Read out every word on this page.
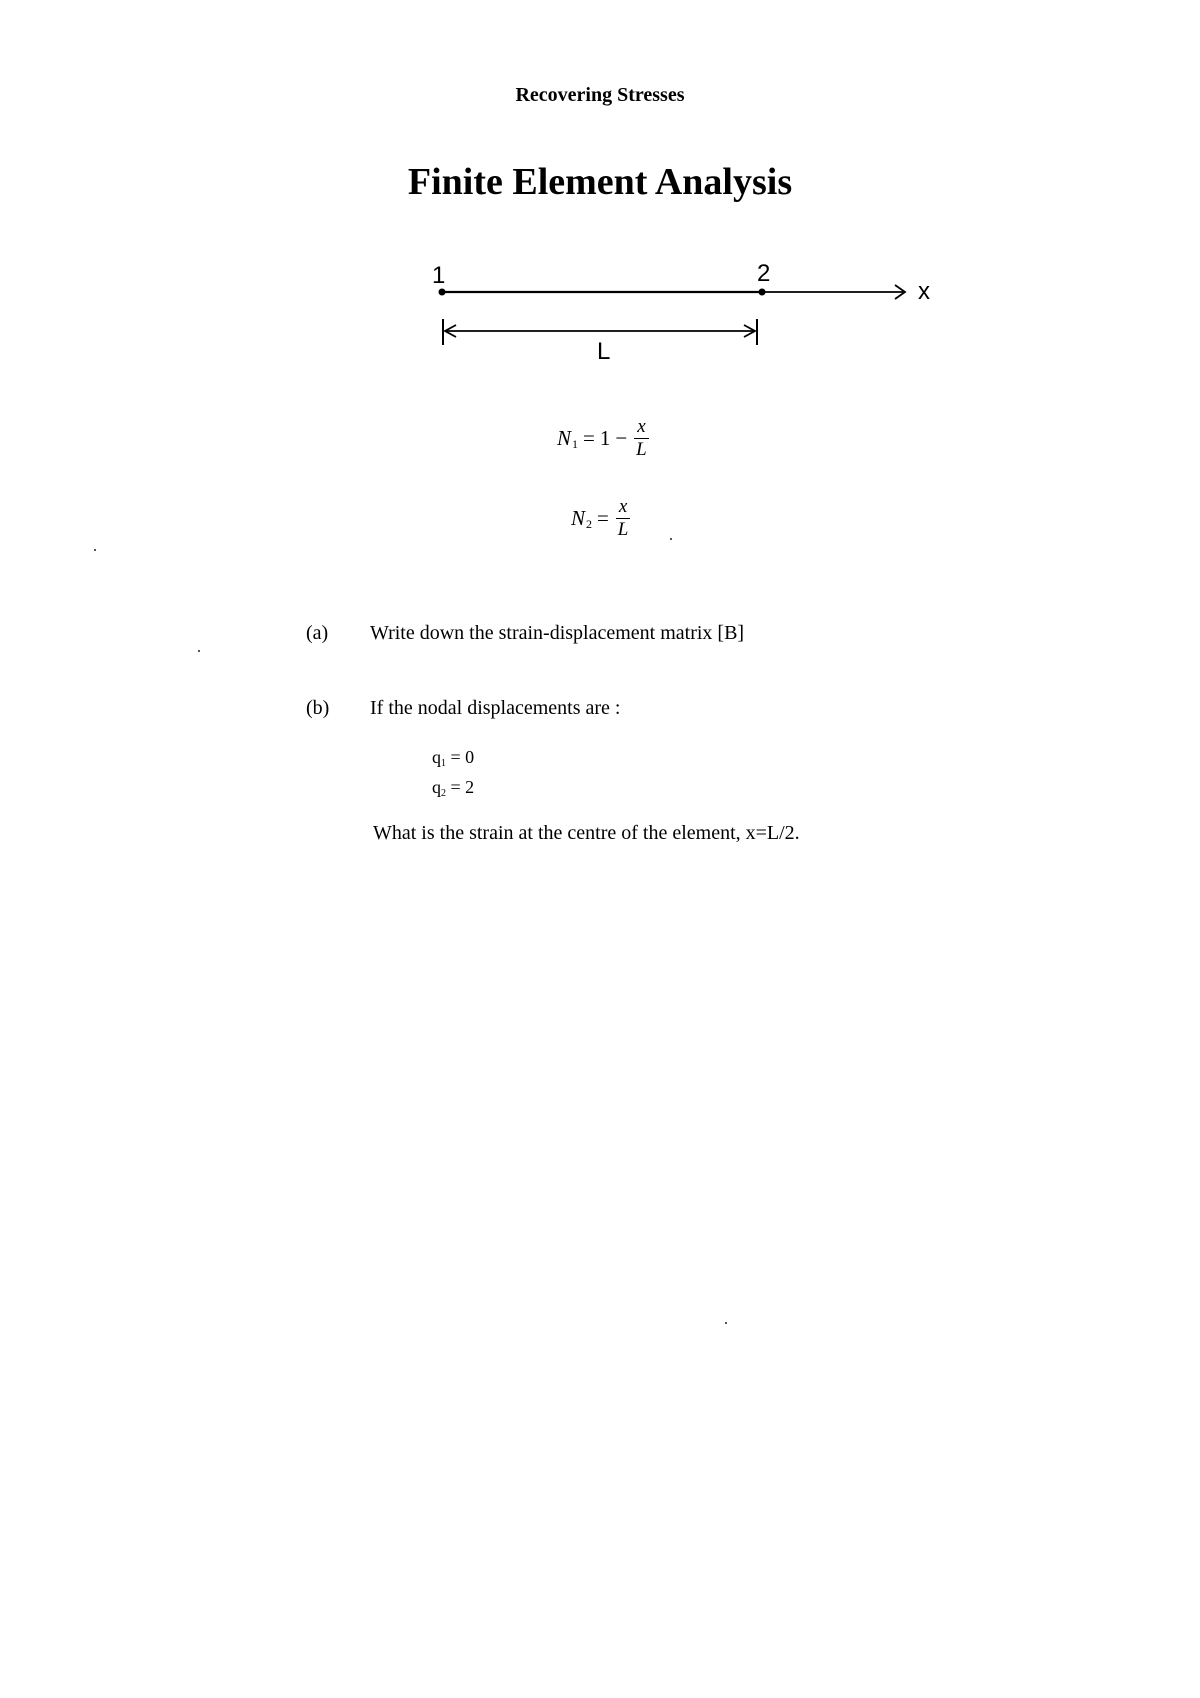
Recovering Stresses
Finite Element Analysis
1	2
x
L
N $1 = 1 - \frac{x}{L}$
N $2 = \frac{x}{L}$
(a) Write down the strain-displacement matrix [B]
(b) If the nodal displacements are :
q1 = 0
q2 = 2
What is the strain at the centre of the element, x=L/2.
